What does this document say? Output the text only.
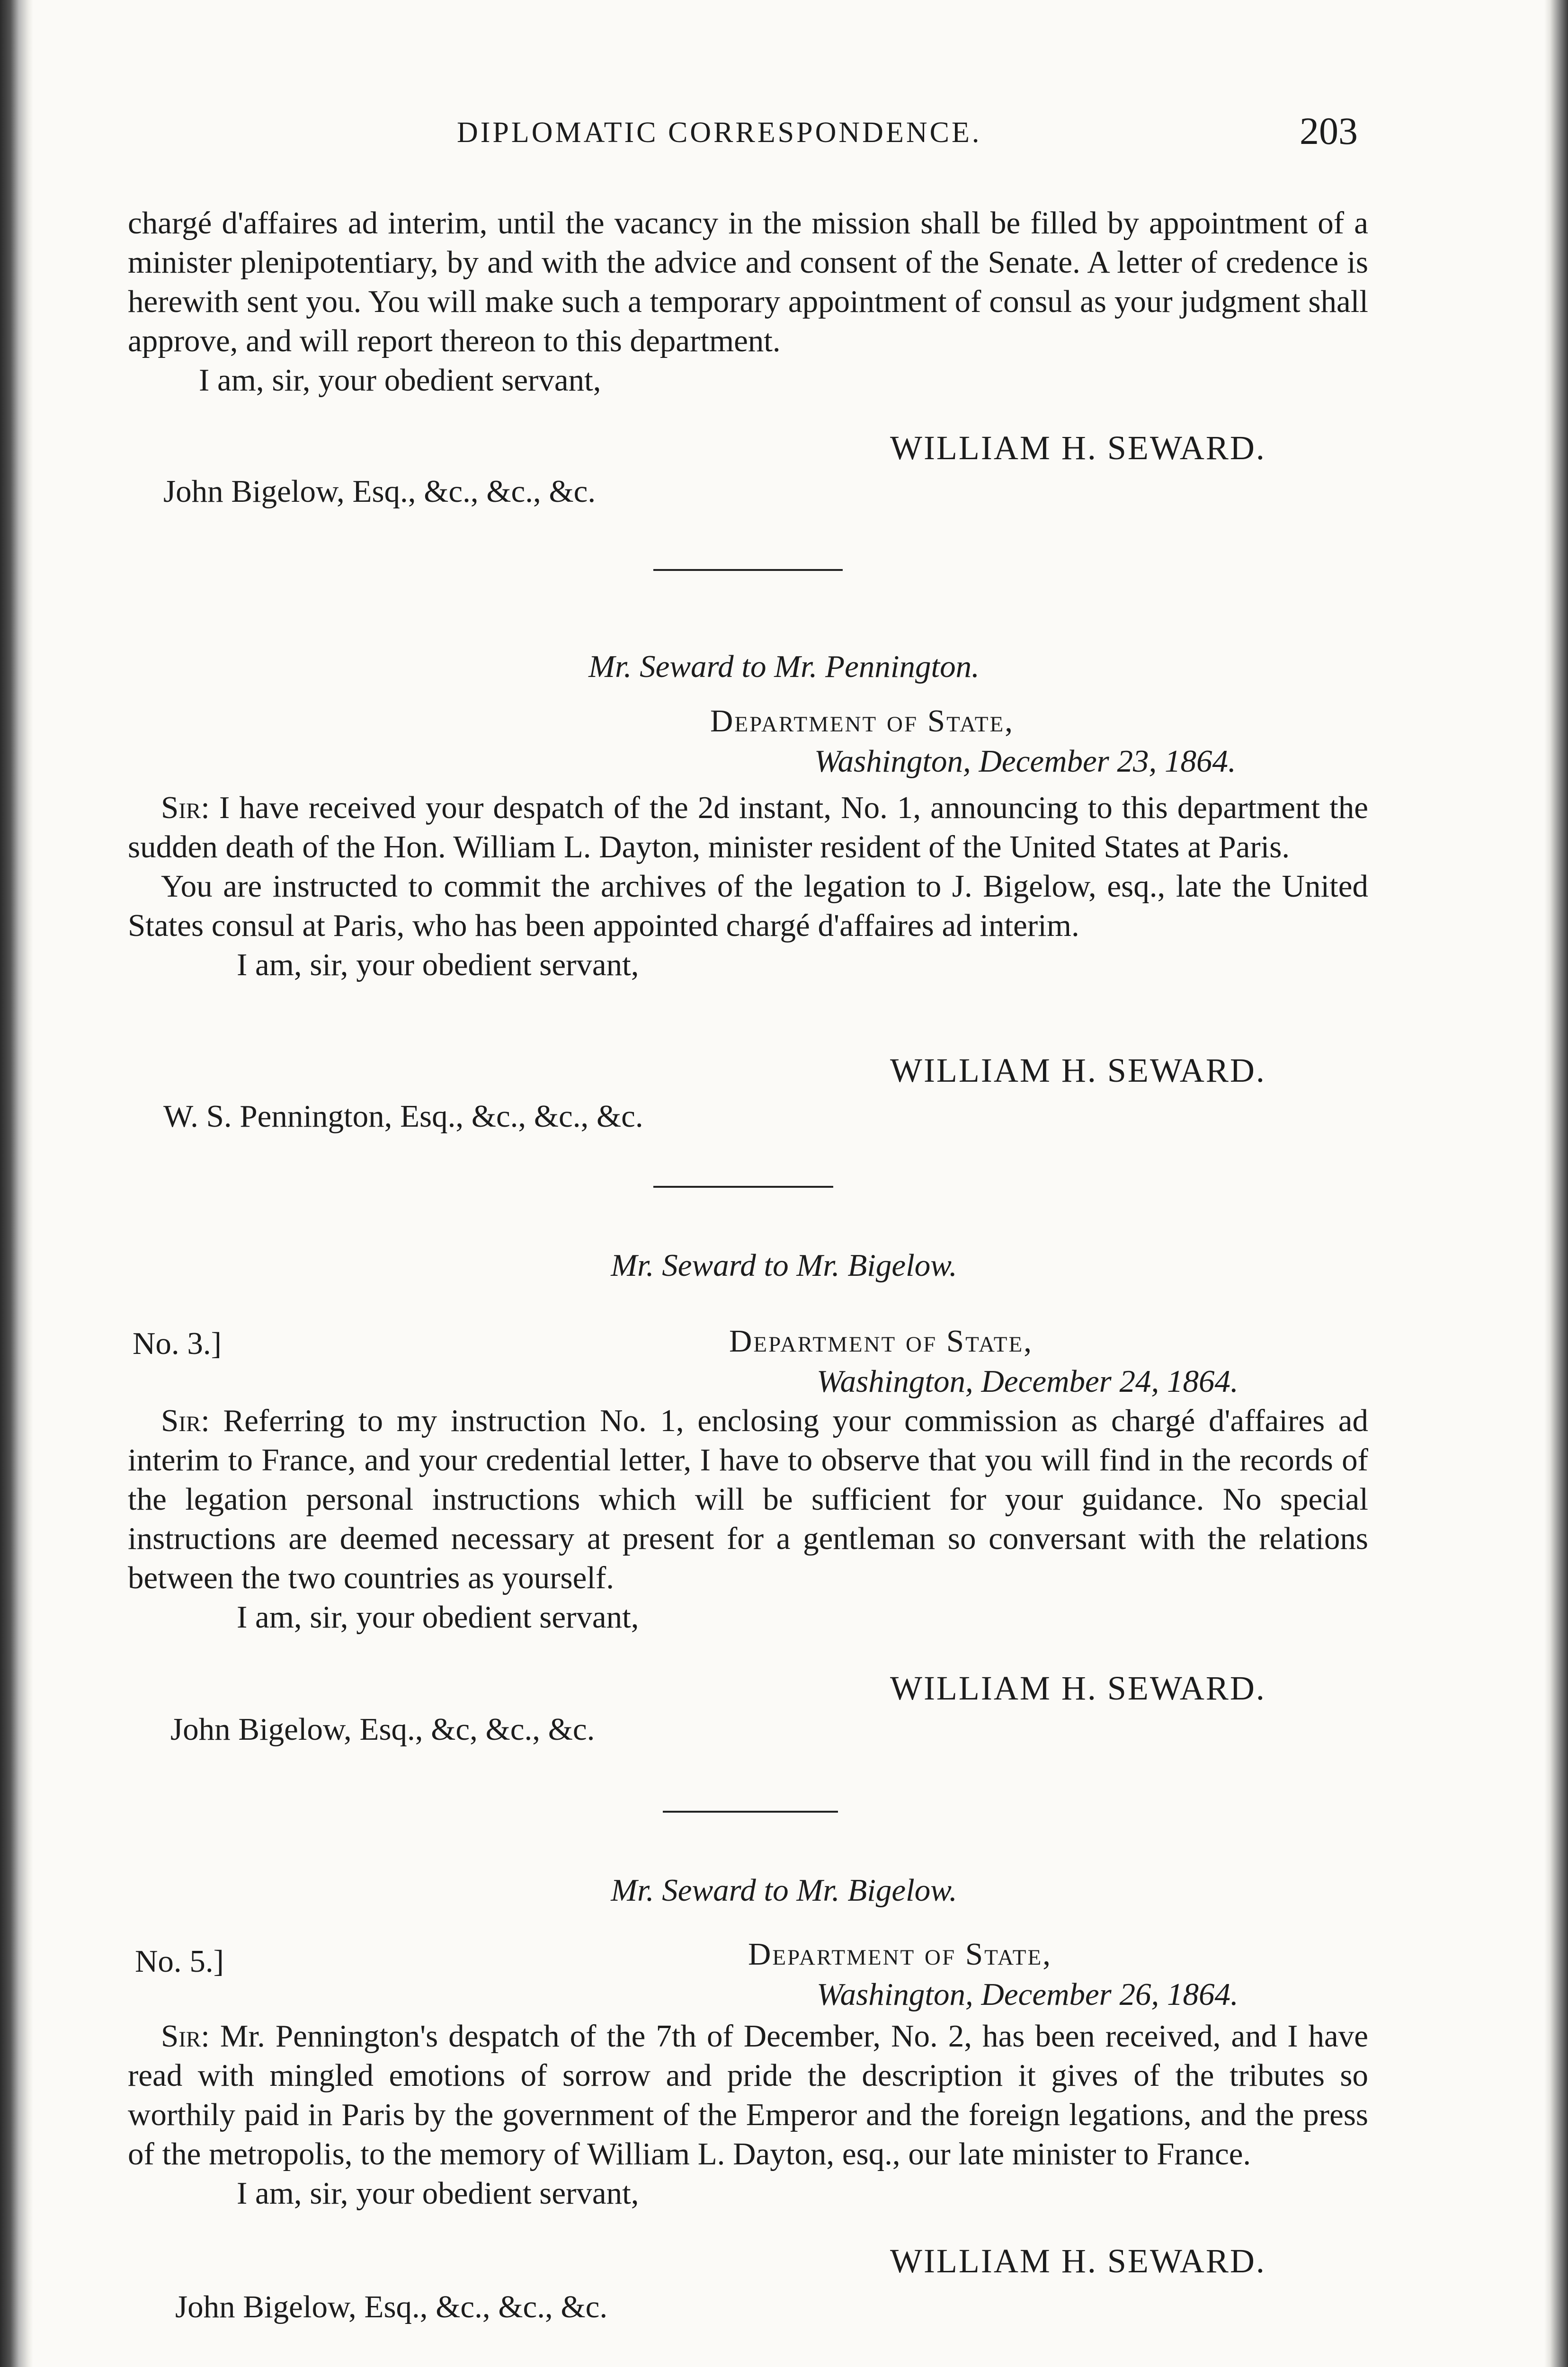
DIPLOMATIC CORRESPONDENCE.	203

chargé d'affaires ad interim, until the vacancy in the mission shall be filled by appointment of a minister plenipotentiary, by and with the advice and consent of the Senate. A letter of credence is herewith sent you. You will make such a temporary appointment of consul as your judgment shall approve, and will report thereon to this department.

I am, sir, your obedient servant,

WILLIAM H. SEWARD.
John Bigelow, Esq., &c., &c., &c.
Mr. Seward to Mr. Pennington.
Department of State,
Washington, December 23, 1864.

Sir: I have received your despatch of the 2d instant, No. 1, announcing to this department the sudden death of the Hon. William L. Dayton, minister resident of the United States at Paris.

You are instructed to commit the archives of the legation to J. Bigelow, esq., late the United States consul at Paris, who has been appointed chargé d'affaires ad interim.

I am, sir, your obedient servant,

WILLIAM H. SEWARD.
W. S. Pennington, Esq., &c., &c., &c.
Mr. Seward to Mr. Bigelow.
No. 3.]	Department of State,
Washington, December 24, 1864.

Sir: Referring to my instruction No. 1, enclosing your commission as chargé d'affaires ad interim to France, and your credential letter, I have to observe that you will find in the records of the legation personal instructions which will be sufficient for your guidance. No special instructions are deemed necessary at present for a gentleman so conversant with the relations between the two countries as yourself.

I am, sir, your obedient servant,

WILLIAM H. SEWARD.
John Bigelow, Esq., &c, &c., &c.
Mr. Seward to Mr. Bigelow.
No. 5.]	Department of State,
Washington, December 26, 1864.

Sir: Mr. Pennington's despatch of the 7th of December, No. 2, has been received, and I have read with mingled emotions of sorrow and pride the description it gives of the tributes so worthily paid in Paris by the government of the Emperor and the foreign legations, and the press of the metropolis, to the memory of William L. Dayton, esq., our late minister to France.

I am, sir, your obedient servant,

WILLIAM H. SEWARD.
John Bigelow, Esq., &c., &c., &c.
